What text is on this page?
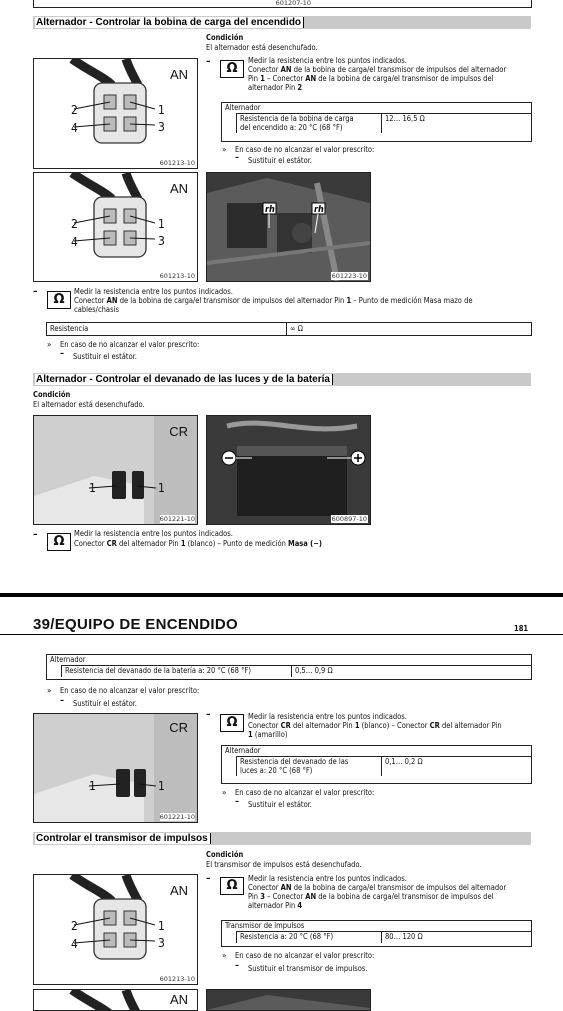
601207-10
Alternador - Controlar la bobina de carga del encendido
Condición
El alternador está desenchufado.
AN
2	1
4	3
601213-10
–	Ω
Medir la resistencia entre los puntos indicados.
Conector AN de la bobina de carga/el transmisor de impulsos del alternador
Pin 1 – Conector AN de la bobina de carga/el transmisor de impulsos del
alternador Pin 2
Alternador
Resistencia de la bobina de carga
del encendido a: 20 °C (68 °F)
12… 16,5 Ω
» En caso de no alcanzar el valor prescrito:
– Sustituir el estátor.
AN
2	1
4	3
601213-10
rh	rh
601223-10
–
Ω
Medir la resistencia entre los puntos indicados.
Conector AN de la bobina de carga/el transmisor de impulsos del alternador Pin 1 – Punto de medición Masa mazo de
cables/chasis
Resistencia	∞ Ω
» En caso de no alcanzar el valor prescrito:
– Sustituir el estátor.
Alternador - Controlar el devanado de las luces y de la batería
Condición
El alternador está desenchufado.
CR
1	1
601221-10	600897-10
–	Ω
Medir la resistencia entre los puntos indicados.
Conector CR del alternador Pin 1 (blanco) – Punto de medición Masa (−)
39/EQUIPO DE ENCENDIDO	181
Alternador
Resistencia del devanado de la batería a: 20 °C (68 °F)	0,5… 0,9 Ω
» En caso de no alcanzar el valor prescrito:
– Sustituir el estátor.
CR
1	1
601221-10
–
Ω	Medir la resistencia entre los puntos indicados.
Conector CR del alternador Pin 1 (blanco) – Conector CR del alternador Pin
1 (amarillo)
Alternador
Resistencia del devanado de las
luces a: 20 °C (68 °F)
0,1… 0,2 Ω
» En caso de no alcanzar el valor prescrito:
– Sustituir el estátor.
Controlar el transmisor de impulsos
Condición
El transmisor de impulsos está desenchufado.
AN
2	1
4	3
601213-10
–	Ω	Medir la resistencia entre los puntos indicados.
Conector AN de la bobina de carga/el transmisor de impulsos del alternador
Pin 3 – Conector AN de la bobina de carga/el transmisor de impulsos del
alternador Pin 4
Transmisor de impulsos
Resistencia a: 20 °C (68 °F)	80… 120 Ω
» En caso de no alcanzar el valor prescrito:
– Sustituir el transmisor de impulsos.
AN
